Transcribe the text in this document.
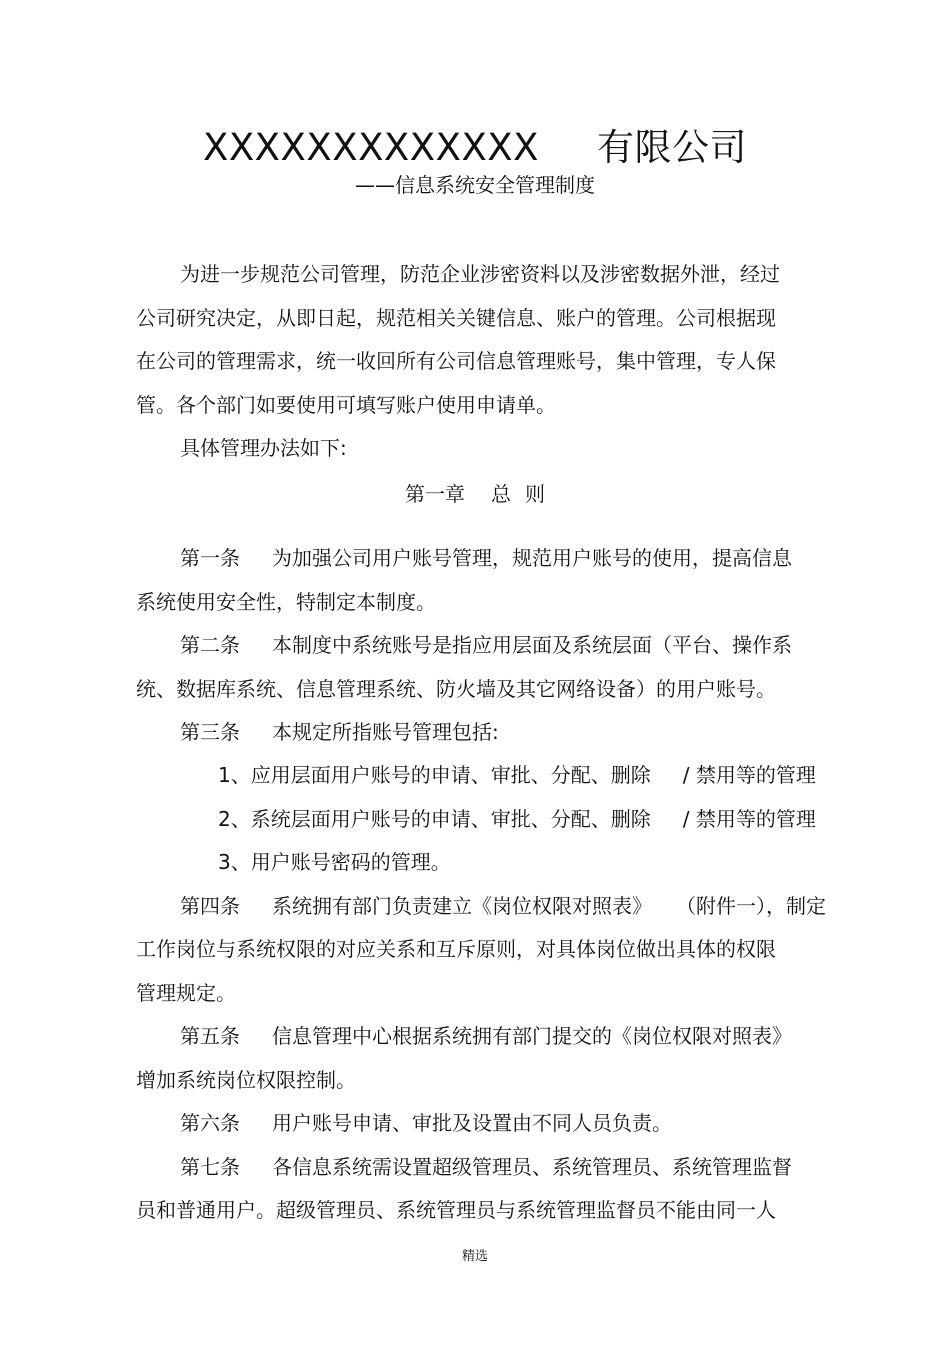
XXXXXXXXXXXXX 有限公司
——信息系统安全管理制度
为进一步规范公司管理，防范企业涉密资料以及涉密数据外泄，经过
公司研究决定，从即日起，规范相关关键信息、账户的管理。公司根据现
在公司的管理需求，统一收回所有公司信息管理账号，集中管理，专人保
管。各个部门如要使用可填写账户使用申请单。
具体管理办法如下:
第一章 总 则
第一条 为加强公司用户账号管理，规范用户账号的使用，提高信息
系统使用安全性，特制定本制度。
第二条 本制度中系统账号是指应用层面及系统层面（平台、操作系
统、数据库系统、信息管理系统、防火墙及其它网络设备）的用户账号。
第三条 本规定所指账号管理包括:
1、应用层面用户账号的申请、审批、分配、删除 / 禁用等的管理
2、系统层面用户账号的申请、审批、分配、删除 / 禁用等的管理
3、用户账号密码的管理。
第四条 系统拥有部门负责建立《岗位权限对照表》 （附件一），制定
工作岗位与系统权限的对应关系和互斥原则，对具体岗位做出具体的权限
管理规定。
第五条 信息管理中心根据系统拥有部门提交的《岗位权限对照表》
增加系统岗位权限控制。
第六条 用户账号申请、审批及设置由不同人员负责。
第七条 各信息系统需设置超级管理员、系统管理员、系统管理监督
员和普通用户。超级管理员、系统管理员与系统管理监督员不能由同一人
精选
